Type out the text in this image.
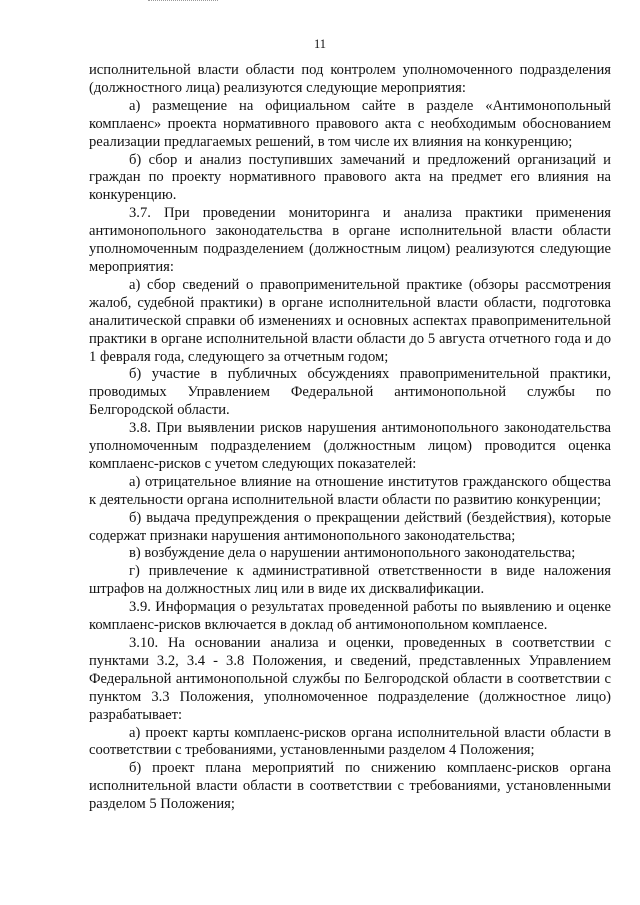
11

исполнительной власти области под контролем уполномоченного подразделения (должностного лица) реализуются следующие мероприятия:

а) размещение на официальном сайте в разделе «Антимонопольный комплаенс» проекта нормативного правового акта с необходимым обоснованием реализации предлагаемых решений, в том числе их влияния на конкуренцию;

б) сбор и анализ поступивших замечаний и предложений организаций и граждан по проекту нормативного правового акта на предмет его влияния на конкуренцию.

3.7. При проведении мониторинга и анализа практики применения антимонопольного законодательства в органе исполнительной власти области уполномоченным подразделением (должностным лицом) реализуются следующие мероприятия:

а) сбор сведений о правоприменительной практике (обзоры рассмотрения жалоб, судебной практики) в органе исполнительной власти области, подготовка аналитической справки об изменениях и основных аспектах правоприменительной практики в органе исполнительной власти области до 5 августа отчетного года и до 1 февраля года, следующего за отчетным годом;

б) участие в публичных обсуждениях правоприменительной практики, проводимых Управлением Федеральной антимонопольной службы по Белгородской области.

3.8. При выявлении рисков нарушения антимонопольного законодательства уполномоченным подразделением (должностным лицом) проводится оценка комплаенс-рисков с учетом следующих показателей:

а) отрицательное влияние на отношение институтов гражданского общества к деятельности органа исполнительной власти области по развитию конкуренции;

б) выдача предупреждения о прекращении действий (бездействия), которые содержат признаки нарушения антимонопольного законодательства;

в) возбуждение дела о нарушении антимонопольного законодательства;

г) привлечение к административной ответственности в виде наложения штрафов на должностных лиц или в виде их дисквалификации.

3.9. Информация о результатах проведенной работы по выявлению и оценке комплаенс-рисков включается в доклад об антимонопольном комплаенсе.

3.10. На основании анализа и оценки, проведенных в соответствии с пунктами 3.2, 3.4 - 3.8 Положения, и сведений, представленных Управлением Федеральной антимонопольной службы по Белгородской области в соответствии с пунктом 3.3 Положения, уполномоченное подразделение (должностное лицо) разрабатывает:

а) проект карты комплаенс-рисков органа исполнительной власти области в соответствии с требованиями, установленными разделом 4 Положения;

б) проект плана мероприятий по снижению комплаенс-рисков органа исполнительной власти области в соответствии с требованиями, установленными разделом 5 Положения;
